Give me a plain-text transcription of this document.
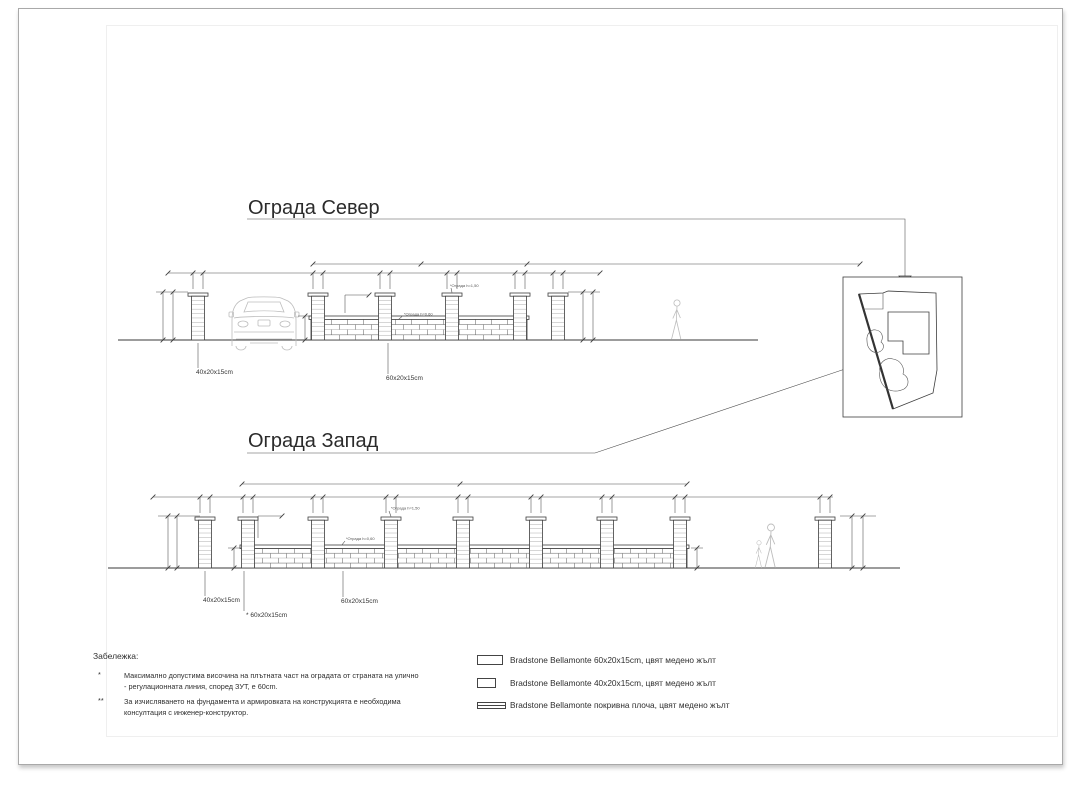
Ограда Север
40x20x15cm
60x20x15cm
*Ограда h=1,50
*Ограда h=0,60
Ограда Запад
40x20x15cm
* 60x20x15cm
60x20x15cm
*Ограда h=1,50
*Ограда h=0,60
Bradstone Bellamonte 60x20x15cm, цвят медено жълт
Bradstone Bellamonte 40x20x15cm, цвят медено жълт
Bradstone Bellamonte покривна плоча, цвят медено жълт
Забележка:
*	Максимално допустима височина на плътната част на оградата от страната на улично - регулационната линия, според ЗУТ, е 60cm.
**	За изчисляването на фундамента и армировката на конструкцията е необходима консултация с инженер-конструктор.
